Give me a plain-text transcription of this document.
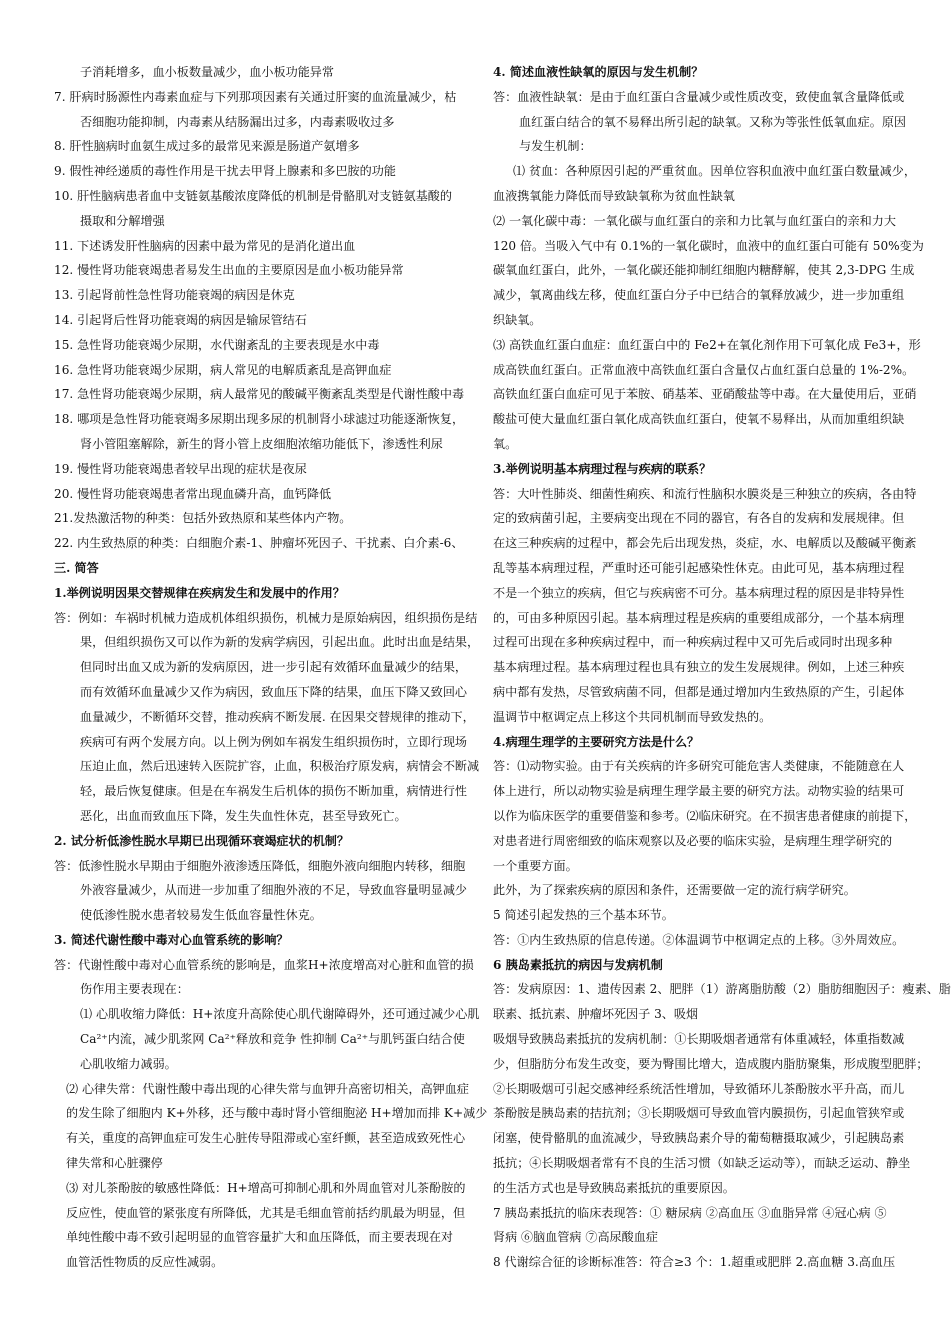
子消耗增多，血小板数量减少，血小板功能异常
7. 肝病时肠源性内毒素血症与下列那项因素有关通过肝窦的血流量减少，枯
否细胞功能抑制，内毒素从结肠漏出过多，内毒素吸收过多
8. 肝性脑病时血氨生成过多的最常见来源是肠道产氨增多
9. 假性神经递质的毒性作用是干扰去甲肾上腺素和多巴胺的功能
10. 肝性脑病患者血中支链氨基酸浓度降低的机制是骨骼肌对支链氨基酸的
摄取和分解增强
11. 下述诱发肝性脑病的因素中最为常见的是消化道出血
12. 慢性肾功能衰竭患者易发生出血的主要原因是血小板功能异常
13. 引起肾前性急性肾功能衰竭的病因是休克
14. 引起肾后性肾功能衰竭的病因是输尿管结石
15. 急性肾功能衰竭少尿期，水代谢紊乱的主要表现是水中毒
16. 急性肾功能衰竭少尿期，病人常见的电解质紊乱是高钾血症
17. 急性肾功能衰竭少尿期，病人最常见的酸碱平衡紊乱类型是代谢性酸中毒
18. 哪项是急性肾功能衰竭多尿期出现多尿的机制肾小球滤过功能逐渐恢复，
肾小管阻塞解除，新生的肾小管上皮细胞浓缩功能低下，渗透性利尿
19. 慢性肾功能衰竭患者较早出现的症状是夜尿
20. 慢性肾功能衰竭患者常出现血磷升高，血钙降低
21.发热激活物的种类：包括外致热原和某些体内产物。
22. 内生致热原的种类：白细胞介素-1、肿瘤坏死因子、干扰素、白介素-6、
三. 简答
1.举例说明因果交替规律在疾病发生和发展中的作用？
答：例如：车祸时机械力造成机体组织损伤，机械力是原始病因，组织损伤是结
果，但组织损伤又可以作为新的发病学病因，引起出血。此时出血是结果，
但同时出血又成为新的发病原因，进一步引起有效循环血量减少的结果，
而有效循环血量减少又作为病因，致血压下降的结果，血压下降又致回心
血量减少，不断循环交替，推动疾病不断发展. 在因果交替规律的推动下，
疾病可有两个发展方向。以上例为例如车祸发生组织损伤时，立即行现场
压迫止血，然后迅速转入医院扩容，止血，积极治疗原发病，病情会不断减
轻，最后恢复健康。但是在车祸发生后机体的损伤不断加重，病情进行性
恶化，出血而致血压下降，发生失血性休克，甚至导致死亡。
2. 试分析低渗性脱水早期已出现循环衰竭症状的机制？
答：低渗性脱水早期由于细胞外液渗透压降低，细胞外液向细胞内转移，细胞
外液容量减少，从而进一步加重了细胞外液的不足，导致血容量明显减少
使低渗性脱水患者较易发生低血容量性休克。
3. 简述代谢性酸中毒对心血管系统的影响？
答：代谢性酸中毒对心血管系统的影响是，血浆H+浓度增高对心脏和血管的损
伤作用主要表现在：
⑴ 心肌收缩力降低：H+浓度升高除使心肌代谢障碍外，还可通过减少心肌
Ca²⁺内流，减少肌浆网 Ca²⁺释放和竞争 性抑制 Ca²⁺与肌钙蛋白结合使
心肌收缩力减弱。
⑵ 心律失常：代谢性酸中毒出现的心律失常与血钾升高密切相关，高钾血症
的发生除了细胞内 K+外移，还与酸中毒时肾小管细胞泌 H+增加而排 K+减少
有关，重度的高钾血症可发生心脏传导阻滞或心室纤颤，甚至造成致死性心
律失常和心脏骤停
⑶ 对儿茶酚胺的敏感性降低：H+增高可抑制心肌和外周血管对儿茶酚胺的
反应性，使血管的紧张度有所降低，尤其是毛细血管前括约肌最为明显，但
单纯性酸中毒不致引起明显的血管容量扩大和血压降低，而主要表现在对
血管活性物质的反应性减弱。
4. 简述血液性缺氧的原因与发生机制？
答：血液性缺氧：是由于血红蛋白含量减少或性质改变，致使血氧含量降低或
血红蛋白结合的氧不易释出所引起的缺氧。又称为等张性低氧血症。原因
与发生机制：
⑴ 贫血：各种原因引起的严重贫血。因单位容积血液中血红蛋白数量减少，
血液携氧能力降低而导致缺氧称为贫血性缺氧
⑵ 一氧化碳中毒：一氧化碳与血红蛋白的亲和力比氧与血红蛋白的亲和力大
120 倍。当吸入气中有 0.1%的一氧化碳时，血液中的血红蛋白可能有 50%变为
碳氧血红蛋白，此外，一氧化碳还能抑制红细胞内糖酵解，使其 2,3-DPG 生成
减少，氧离曲线左移，使血红蛋白分子中已结合的氧释放减少，进一步加重组
织缺氧。
⑶ 高铁血红蛋白血症：血红蛋白中的 Fe2+在氧化剂作用下可氧化成 Fe3+，形
成高铁血红蛋白。正常血液中高铁血红蛋白含量仅占血红蛋白总量的 1%-2%。
高铁血红蛋白血症可见于苯胺、硝基苯、亚硝酸盐等中毒。在大量使用后，亚硝
酸盐可使大量血红蛋白氧化成高铁血红蛋白，使氧不易释出，从而加重组织缺
氧。
3.举例说明基本病理过程与疾病的联系？
答：大叶性肺炎、细菌性痢疾、和流行性脑积水膜炎是三种独立的疾病，各由特
定的致病菌引起，主要病变出现在不同的器官，有各自的发病和发展规律。但
在这三种疾病的过程中，都会先后出现发热，炎症，水、电解质以及酸碱平衡紊
乱等基本病理过程，严重时还可能引起感染性休克。由此可见，基本病理过程
不是一个独立的疾病，但它与疾病密不可分。基本病理过程的原因是非特异性
的，可由多种原因引起。基本病理过程是疾病的重要组成部分，一个基本病理
过程可出现在多种疾病过程中，而一种疾病过程中又可先后或同时出现多种
基本病理过程。基本病理过程也具有独立的发生发展规律。例如，上述三种疾
病中都有发热，尽管致病菌不同，但都是通过增加内生致热原的产生，引起体
温调节中枢调定点上移这个共同机制而导致发热的。
4.病理生理学的主要研究方法是什么？
答：⑴动物实验。由于有关疾病的许多研究可能危害人类健康，不能随意在人
体上进行，所以动物实验是病理生理学最主要的研究方法。动物实验的结果可
以作为临床医学的重要借鉴和参考。⑵临床研究。在不损害患者健康的前提下，
对患者进行周密细致的临床观察以及必要的临床实验，是病理生理学研究的
一个重要方面。
此外，为了探索疾病的原因和条件，还需要做一定的流行病学研究。
5 简述引起发热的三个基本环节。
答：①内生致热原的信息传递。②体温调节中枢调定点的上移。③外周效应。
6 胰岛素抵抗的病因与发病机制
答：发病原因：1、遗传因素 2、肥胖（1）游离脂肪酸（2）脂肪细胞因子：瘦素、脂
联素、抵抗素、肿瘤坏死因子 3、吸烟
吸烟导致胰岛素抵抗的发病机制：①长期吸烟者通常有体重减轻，体重指数减
少，但脂肪分布发生改变，要为臀围比增大，造成腹内脂肪聚集，形成腹型肥胖；
②长期吸烟可引起交感神经系统活性增加，导致循环儿茶酚胺水平升高，而儿
茶酚胺是胰岛素的拮抗剂；③长期吸烟可导致血管内膜损伤，引起血管狭窄或
闭塞，使骨骼肌的血流减少，导致胰岛素介导的葡萄糖摄取减少，引起胰岛素
抵抗；④长期吸烟者常有不良的生活习惯（如缺乏运动等），而缺乏运动、静坐
的生活方式也是导致胰岛素抵抗的重要原因。
7 胰岛素抵抗的临床表现答：① 糖尿病 ②高血压 ③血脂异常 ④冠心病 ⑤
肾病 ⑥脑血管病 ⑦高尿酸血症
8 代谢综合征的诊断标准答：符合≥3 个：1.超重或肥胖 2.高血糖 3.高血压
